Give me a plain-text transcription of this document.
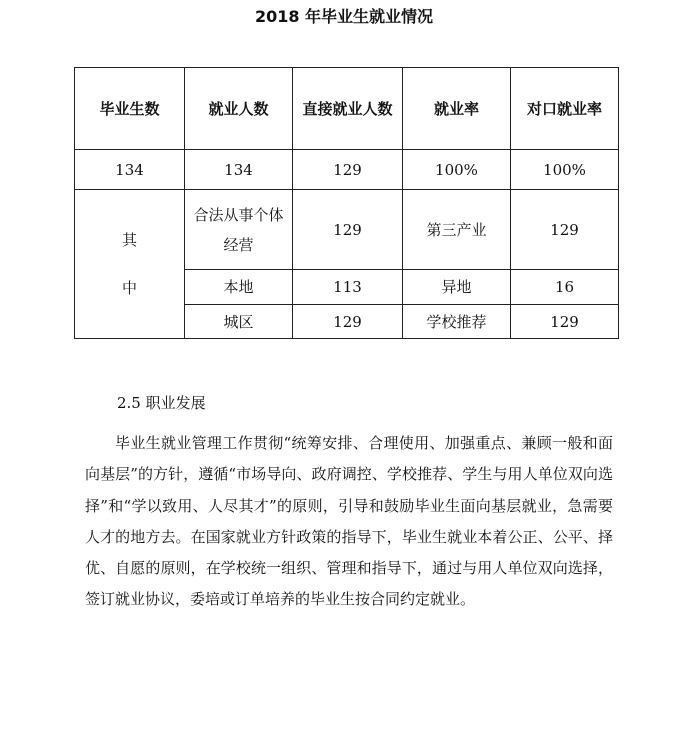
2018 年毕业生就业情况
毕业生数	就业人数	直接就业人数	就业率	对口就业率
134	134	129	100%	100%
其
中	合法从事个体经营	129	第三产业	129
	本地	113	异地	16
	城区	129	学校推荐	129
2.5 职业发展

毕业生就业管理工作贯彻“统筹安排、合理使用、加强重点、兼顾一般和面向基层”的方针，遵循“市场导向、政府调控、学校推荐、学生与用人单位双向选择”和“学以致用、人尽其才”的原则，引导和鼓励毕业生面向基层就业，急需要人才的地方去。在国家就业方针政策的指导下，毕业生就业本着公正、公平、择优、自愿的原则，在学校统一组织、管理和指导下，通过与用人单位双向选择，签订就业协议，委培或订单培养的毕业生按合同约定就业。
